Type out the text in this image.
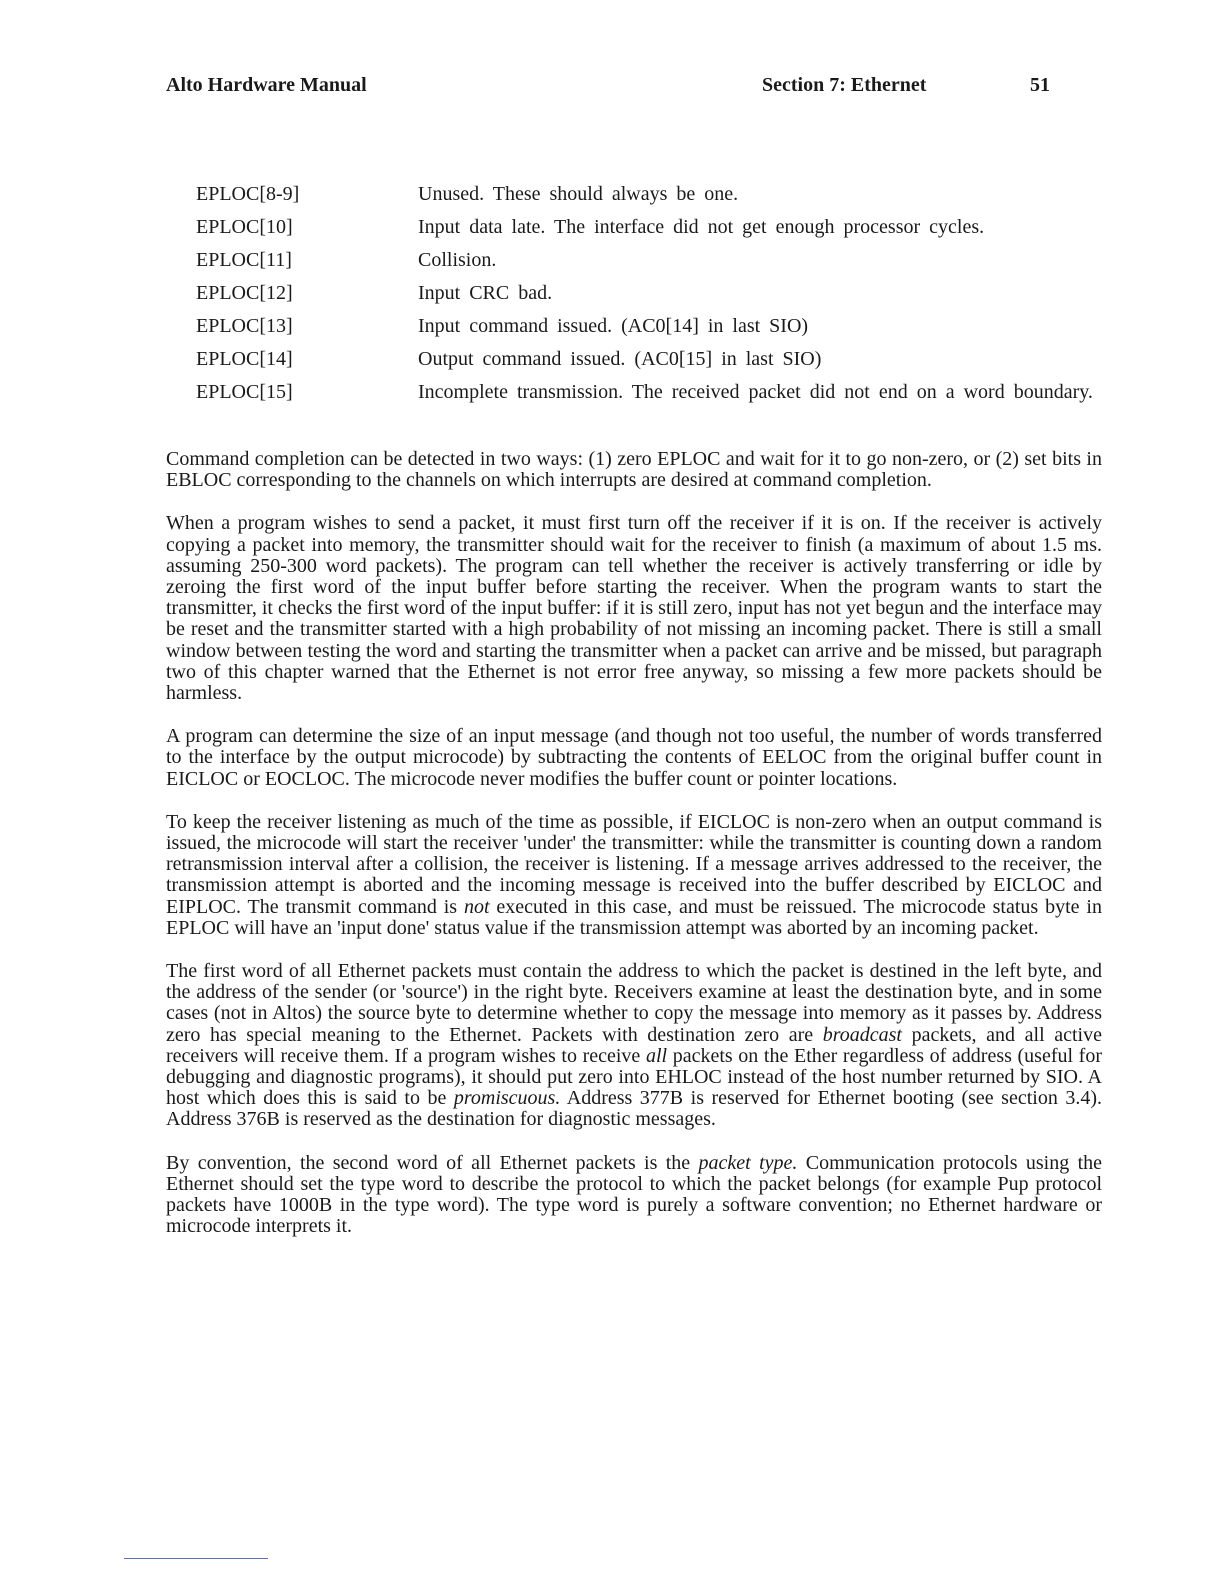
Alto Hardware Manual	Section 7: Ethernet	51
EPLOC[8-9]	Unused. These should always be one.
EPLOC[10]	Input data late. The interface did not get enough processor cycles.
EPLOC[11]	Collision.
EPLOC[12]	Input CRC bad.
EPLOC[13]	Input command issued. (AC0[14] in last SIO)
EPLOC[14]	Output command issued. (AC0[15] in last SIO)
EPLOC[15]	Incomplete transmission. The received packet did not end on a word boundary.

Command completion can be detected in two ways: (1) zero EPLOC and wait for it to go non-zero, or (2) set bits in EBLOC corresponding to the channels on which interrupts are desired at command completion.

When a program wishes to send a packet, it must first turn off the receiver if it is on. If the receiver is actively copying a packet into memory, the transmitter should wait for the receiver to finish (a maximum of about 1.5 ms. assuming 250-300 word packets). The program can tell whether the receiver is actively transferring or idle by zeroing the first word of the input buffer before starting the receiver. When the program wants to start the transmitter, it checks the first word of the input buffer: if it is still zero, input has not yet begun and the interface may be reset and the transmitter started with a high probability of not missing an incoming packet. There is still a small window between testing the word and starting the transmitter when a packet can arrive and be missed, but paragraph two of this chapter warned that the Ethernet is not error free anyway, so missing a few more packets should be harmless.

A program can determine the size of an input message (and though not too useful, the number of words transferred to the interface by the output microcode) by subtracting the contents of EELOC from the original buffer count in EICLOC or EOCLOC. The microcode never modifies the buffer count or pointer locations.

To keep the receiver listening as much of the time as possible, if EICLOC is non-zero when an output command is issued, the microcode will start the receiver 'under' the transmitter: while the transmitter is counting down a random retransmission interval after a collision, the receiver is listening. If a message arrives addressed to the receiver, the transmission attempt is aborted and the incoming message is received into the buffer described by EICLOC and EIPLOC. The transmit command is not executed in this case, and must be reissued. The microcode status byte in EPLOC will have an 'input done' status value if the transmission attempt was aborted by an incoming packet.

The first word of all Ethernet packets must contain the address to which the packet is destined in the left byte, and the address of the sender (or 'source') in the right byte. Receivers examine at least the destination byte, and in some cases (not in Altos) the source byte to determine whether to copy the message into memory as it passes by. Address zero has special meaning to the Ethernet. Packets with destination zero are broadcast packets, and all active receivers will receive them. If a program wishes to receive all packets on the Ether regardless of address (useful for debugging and diagnostic programs), it should put zero into EHLOC instead of the host number returned by SIO. A host which does this is said to be promiscuous. Address 377B is reserved for Ethernet booting (see section 3.4). Address 376B is reserved as the destination for diagnostic messages.

By convention, the second word of all Ethernet packets is the packet type. Communication protocols using the Ethernet should set the type word to describe the protocol to which the packet belongs (for example Pup protocol packets have 1000B in the type word). The type word is purely a software convention; no Ethernet hardware or microcode interprets it.
